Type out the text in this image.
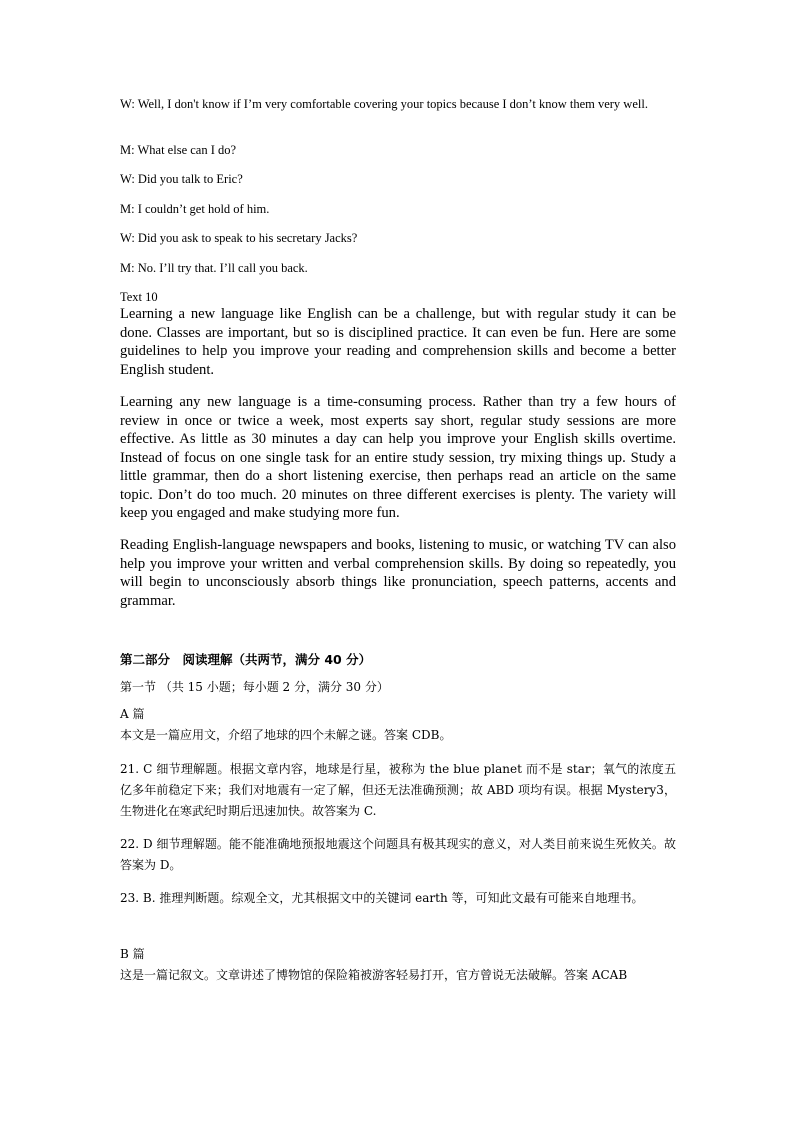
W: Well, I don't know if I’m very comfortable covering your topics because I don’t know them very well.

M: What else can I do?

W: Did you talk to Eric?

M: I couldn’t get hold of him.

W: Did you ask to speak to his secretary Jacks?

M: No. I’ll try that. I’ll call you back.

Text 10

Learning a new language like English can be a challenge, but with regular study it can be done. Classes are important, but so is disciplined practice. It can even be fun. Here are some guidelines to help you improve your reading and comprehension skills and become a better English student.

Learning any new language is a time-consuming process. Rather than try a few hours of review in once or twice a week, most experts say short, regular study sessions are more effective. As little as 30 minutes a day can help you improve your English skills overtime. Instead of focus on one single task for an entire study session, try mixing things up. Study a little grammar, then do a short listening exercise, then perhaps read an article on the same topic. Don’t do too much. 20 minutes on three different exercises is plenty. The variety will keep you engaged and make studying more fun.

Reading English-language newspapers and books, listening to music, or watching TV can also help you improve your written and verbal comprehension skills. By doing so repeatedly, you will begin to unconsciously absorb things like pronunciation, speech patterns, accents and grammar.

第二部分　阅读理解（共两节，满分 40 分）

第一节 （共 15 小题；每小题 2 分，满分 30 分）

A 篇

本文是一篇应用文，介绍了地球的四个未解之谜。答案 CDB。

21. C 细节理解题。根据文章内容，地球是行星，被称为 the blue planet 而不是 star；氧气的浓度五亿多年前稳定下来；我们对地震有一定了解，但还无法准确预测；故 ABD 项均有误。根据 Mystery3，生物进化在寒武纪时期后迅速加快。故答案为 C.

22. D 细节理解题。能不能准确地预报地震这个问题具有极其现实的意义，对人类目前来说生死攸关。故答案为 D。

23. B. 推理判断题。综观全文，尤其根据文中的关键词 earth 等，可知此文最有可能来自地理书。

B 篇

这是一篇记叙文。文章讲述了博物馆的保险箱被游客轻易打开，官方曾说无法破解。答案 ACAB
